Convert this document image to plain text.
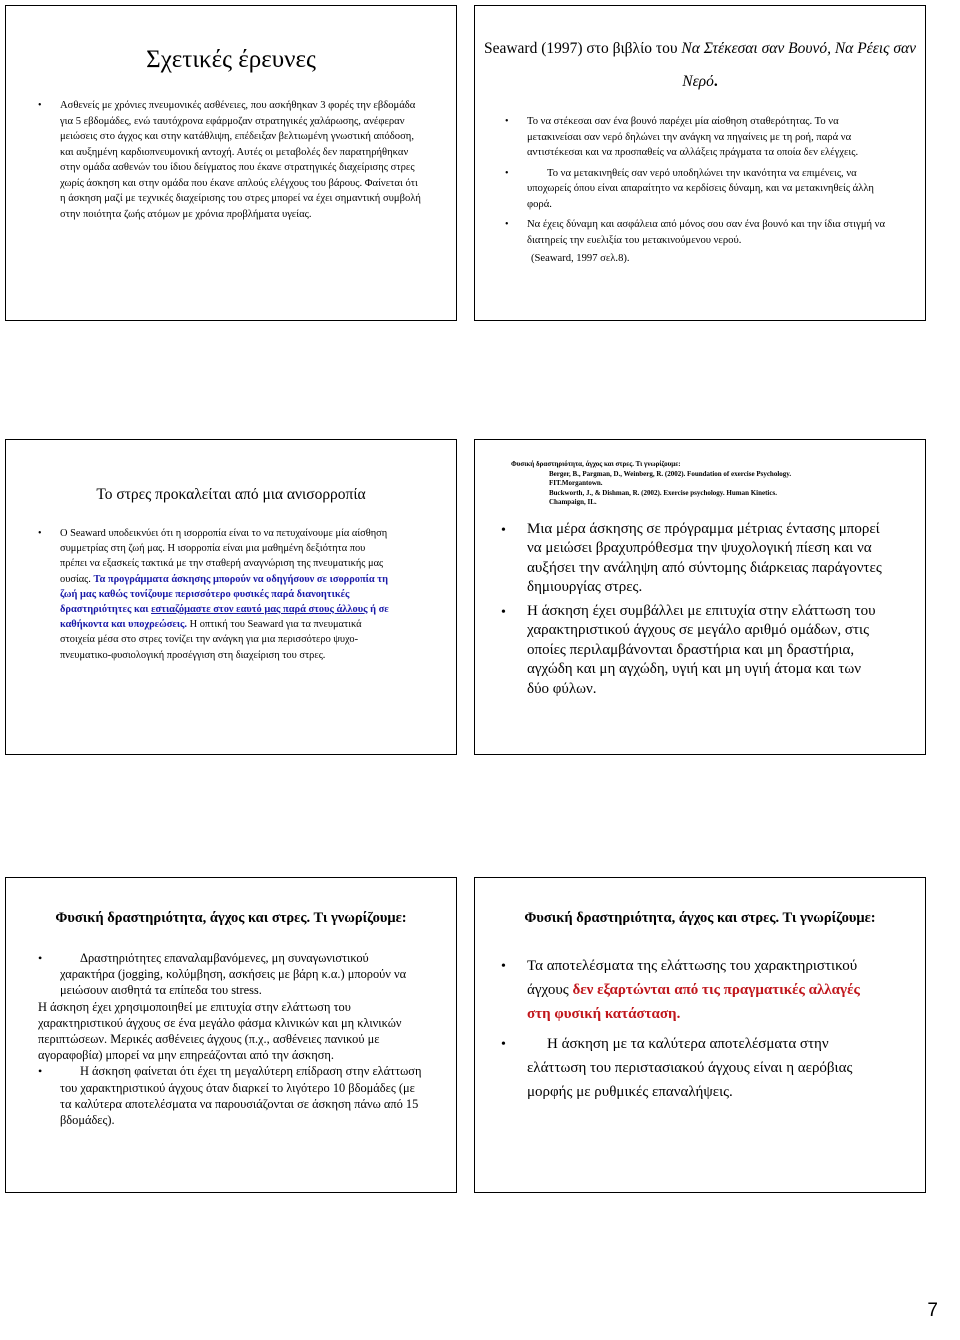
Σχετικές έρευνες
• Ασθενείς με χρόνιες πνευμονικές ασθένειες, που ασκήθηκαν 3 φορές την εβδομάδα για 5 εβδομάδες, ενώ ταυτόχρονα εφάρμοζαν στρατηγικές χαλάρωσης, ανέφεραν μειώσεις στο άγχος και στην κατάθλιψη, επέδειξαν βελτιωμένη γνωστική απόδοση, και αυξημένη καρδιοπνευμονική αντοχή. Αυτές οι μεταβολές δεν παρατηρήθηκαν στην ομάδα ασθενών του ίδιου δείγματος που έκανε στρατηγικές διαχείρισης στρες χωρίς άσκηση και στην ομάδα που έκανε απλούς ελέγχους του βάρους. Φαίνεται ότι η άσκηση μαζί με τεχνικές διαχείρισης του στρες μπορεί να έχει σημαντική συμβολή στην ποιότητα ζωής ατόμων με χρόνια προβλήματα υγείας.
Seaward (1997) στο βιβλίο του Να Στέκεσαι σαν Βουνό, Να Ρέεις σαν Νερό.
• Το να στέκεσαι σαν ένα βουνό παρέχει μία αίσθηση σταθερότητας. Το να μετακινείσαι σαν νερό δηλώνει την ανάγκη να πηγαίνεις με τη ροή, παρά να αντιστέκεσαι και να προσπαθείς να αλλάξεις πράγματα τα οποία δεν ελέγχεις.
•	Το να μετακινηθείς σαν νερό υποδηλώνει την ικανότητα να επιμένεις, να υποχωρείς όπου είναι απαραίτητο να κερδίσεις δύναμη, και να μετακινηθείς άλλη φορά.
• Να έχεις δύναμη και ασφάλεια από μόνος σου σαν ένα βουνό και την ίδια στιγμή να διατηρείς την ευελιξία του μετακινούμενου νερού.
(Seaward, 1997 σελ.8).
Το στρες προκαλείται από μια ανισορροπία
• Ο Seaward υποδεικνύει ότι η ισορροπία είναι το να πετυχαίνουμε μία αίσθηση συμμετρίας στη ζωή μας. Η ισορροπία είναι μια μαθημένη δεξιότητα που πρέπει να εξασκείς τακτικά με την σταθερή αναγνώριση της πνευματικής μας ουσίας. Τα προγράμματα άσκησης μπορούν να οδηγήσουν σε ισορροπία τη ζωή μας καθώς τονίζουμε περισσότερο φυσικές παρά διανοητικές δραστηριότητες και εστιαζόμαστε στον εαυτό μας παρά στους άλλους ή σε καθήκοντα και υποχρεώσεις. Η οπτική του Seaward για τα πνευματικά στοιχεία μέσα στο στρες τονίζει την ανάγκη για μια περισσότερο ψυχο-πνευματικο-φυσιολογική προσέγγιση στη διαχείριση του στρες.
Φυσική δραστηριότητα, άγχος και στρες. Τι γνωρίζουμε:
Berger, B., Pargman, D., Weinberg, R. (2002). Foundation of exercise Psychology.
FIT.Morgantown.
Buckworth, J., & Dishman, R. (2002). Exercise psychology. Human Kinetics.
Champaign, IL.
• Μια μέρα άσκησης σε πρόγραμμα μέτριας έντασης μπορεί να μειώσει βραχυπρόθεσμα την ψυχολογική πίεση και να αυξήσει την ανάληψη από σύντομης διάρκειας παράγοντες δημιουργίας στρες.
• Η άσκηση έχει συμβάλλει με επιτυχία στην ελάττωση του χαρακτηριστικού άγχους σε μεγάλο αριθμό ομάδων, στις οποίες περιλαμβάνονται δραστήρια και μη δραστήρια, αγχώδη και μη αγχώδη, υγιή και μη υγιή άτομα και των δύο φύλων.
Φυσική δραστηριότητα, άγχος και στρες. Τι γνωρίζουμε:
•	Δραστηριότητες επαναλαμβανόμενες, μη συναγωνιστικού χαρακτήρα (jogging, κολύμβηση, ασκήσεις με βάρη κ.α.) μπορούν να μειώσουν αισθητά τα επίπεδα του stress.
Η άσκηση έχει χρησιμοποιηθεί με επιτυχία στην ελάττωση του χαρακτηριστικού άγχους σε ένα μεγάλο φάσμα κλινικών και μη κλινικών περιπτώσεων. Μερικές ασθένειες άγχους (π.χ., ασθένειες πανικού με αγοραφοβία) μπορεί να μην επηρεάζονται από την άσκηση.
•	Η άσκηση φαίνεται ότι έχει τη μεγαλύτερη επίδραση στην ελάττωση του χαρακτηριστικού άγχους όταν διαρκεί το λιγότερο 10 βδομάδες (με τα καλύτερα αποτελέσματα να παρουσιάζονται σε άσκηση πάνω από 15 βδομάδες).
Φυσική δραστηριότητα, άγχος και στρες. Τι γνωρίζουμε:
• Τα αποτελέσματα της ελάττωσης του χαρακτηριστικού άγχους δεν εξαρτώνται από τις πραγματικές αλλαγές στη φυσική κατάσταση.
•	Η άσκηση με τα καλύτερα αποτελέσματα στην ελάττωση του περιστασιακού άγχους είναι η αερόβιας μορφής με ρυθμικές επαναλήψεις.
7
